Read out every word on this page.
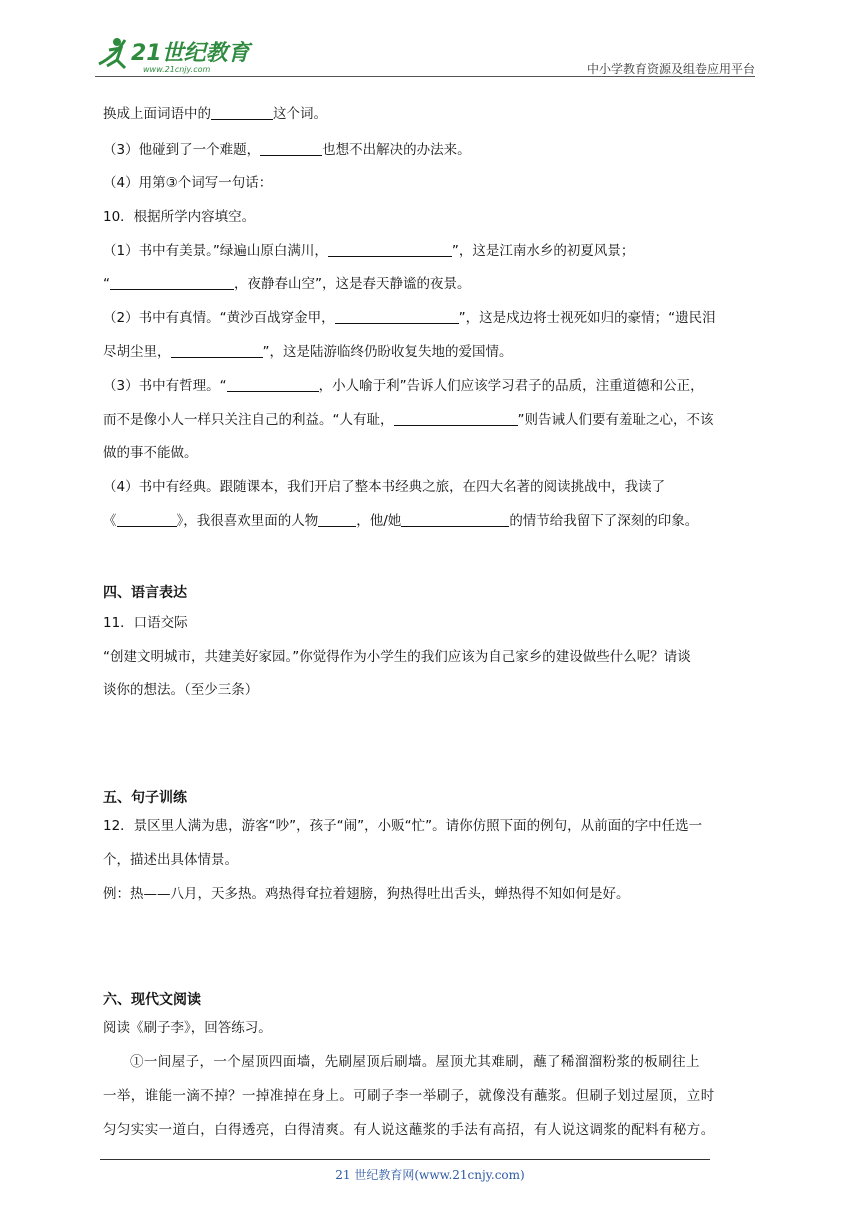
21世纪教育
www.21cnjy.com	中小学教育资源及组卷应用平台
换成上面词语中的	这个词。
（3）他碰到了一个难题，	也想不出解决的办法来。
（4）用第③个词写一句话：
10．根据所学内容填空。
（1）书中有美景。”绿遍山原白满川，	”，这是江南水乡的初夏风景；
“	，夜静春山空”，这是春天静谧的夜景。
（2）书中有真情。“黄沙百战穿金甲，	”，这是戍边将士视死如归的豪情；“遗民泪
尽胡尘里，	”，这是陆游临终仍盼收复失地的爱国情。
（3）书中有哲理。“	，小人喻于利”告诉人们应该学习君子的品质，注重道德和公正，
而不是像小人一样只关注自己的利益。“人有耻，	”则告诫人们要有羞耻之心，不该
做的事不能做。
（4）书中有经典。跟随课本，我们开启了整本书经典之旅，在四大名著的阅读挑战中，我读了
《	》，我很喜欢里面的人物	，他/她	的情节给我留下了深刻的印象。
四、语言表达
11．口语交际
“创建文明城市，共建美好家园。”你觉得作为小学生的我们应该为自己家乡的建设做些什么呢？请谈
谈你的想法。（至少三条）
五、句子训练
12．景区里人满为患，游客“吵”，孩子“闹”，小贩“忙”。请你仿照下面的例句，从前面的字中任选一
个，描述出具体情景。
例：热——八月，天多热。鸡热得耷拉着翅膀，狗热得吐出舌头，蝉热得不知如何是好。
六、现代文阅读
阅读《刷子李》，回答练习。
①一间屋子，一个屋顶四面墙，先刷屋顶后刷墙。屋顶尤其难刷，蘸了稀溜溜粉浆的板刷往上
一举，谁能一滴不掉？一掉准掉在身上。可刷子李一举刷子，就像没有蘸浆。但刷子划过屋顶，立时
匀匀实实一道白，白得透亮，白得清爽。有人说这蘸浆的手法有高招，有人说这调浆的配料有秘方。
21 世纪教育网(www.21cnjy.com)
